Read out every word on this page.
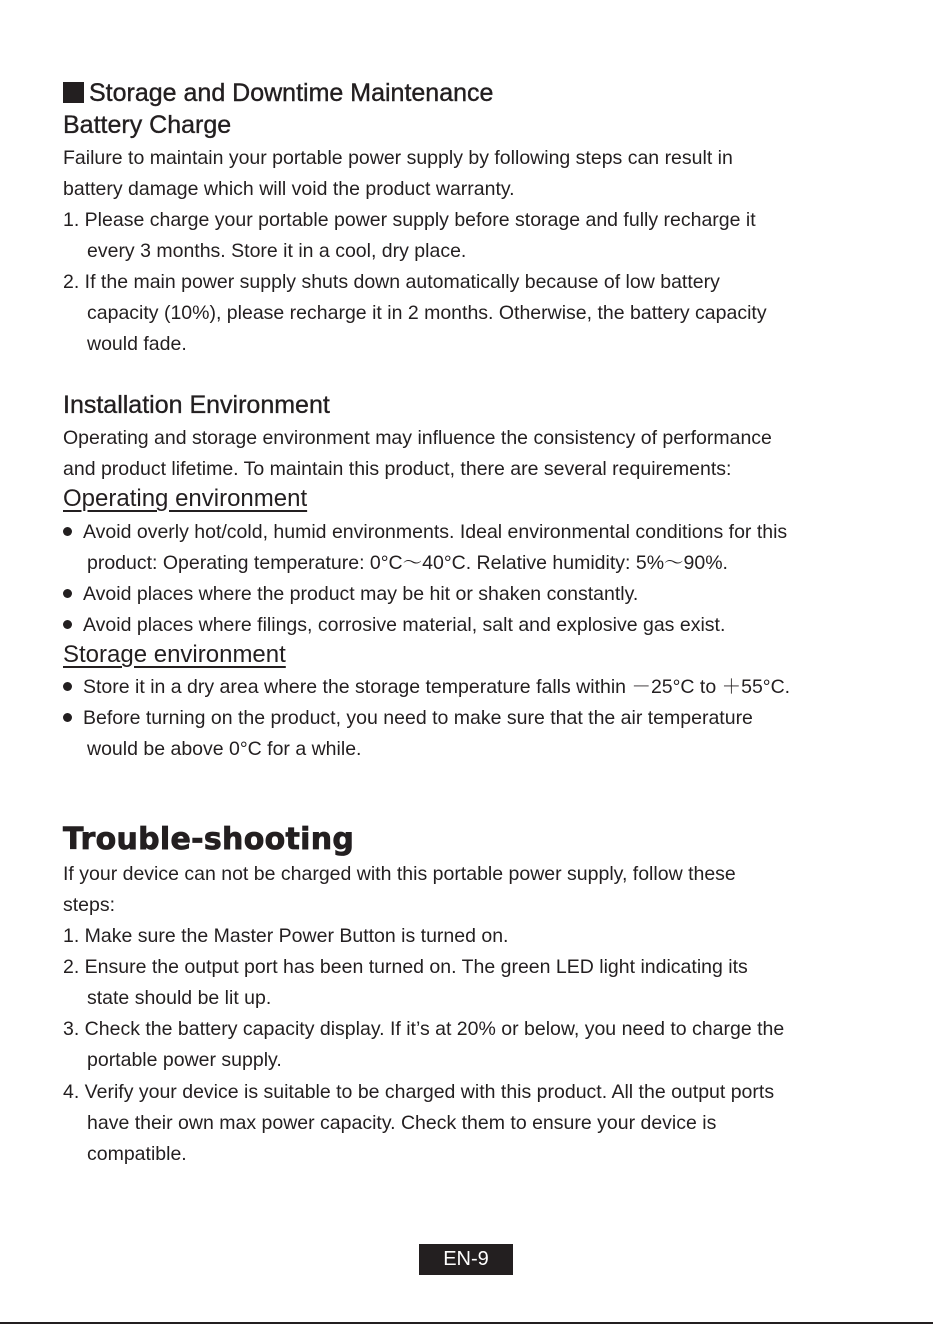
Storage and Downtime Maintenance
Battery Charge
Failure to maintain your portable power supply by following steps can result in
battery damage which will void the product warranty.
1. Please charge your portable power supply before storage and fully recharge it
every 3 months. Store it in a cool, dry place.
2. If the main power supply shuts down automatically because of low battery
capacity (10%), please recharge it in 2 months. Otherwise, the battery capacity
would fade.
Installation Environment
Operating and storage environment may influence the consistency of performance
and product lifetime. To maintain this product, there are several requirements:
Operating environment
Avoid overly hot/cold, humid environments. Ideal environmental conditions for this
product: Operating temperature: 0°C～40°C. Relative humidity: 5%～90%.
Avoid places where the product may be hit or shaken constantly.
Avoid places where filings, corrosive material, salt and explosive gas exist.
Storage environment
Store it in a dry area where the storage temperature falls within －25°C to ＋55°C.
Before turning on the product, you need to make sure that the air temperature
would be above 0°C for a while.
Trouble-shooting
If your device can not be charged with this portable power supply, follow these
steps:
1. Make sure the Master Power Button is turned on.
2. Ensure the output port has been turned on. The green LED light indicating its
state should be lit up.
3. Check the battery capacity display. If it’s at 20% or below, you need to charge the
portable power supply.
4. Verify your device is suitable to be charged with this product. All the output ports
have their own max power capacity. Check them to ensure your device is
compatible.
EN-9
